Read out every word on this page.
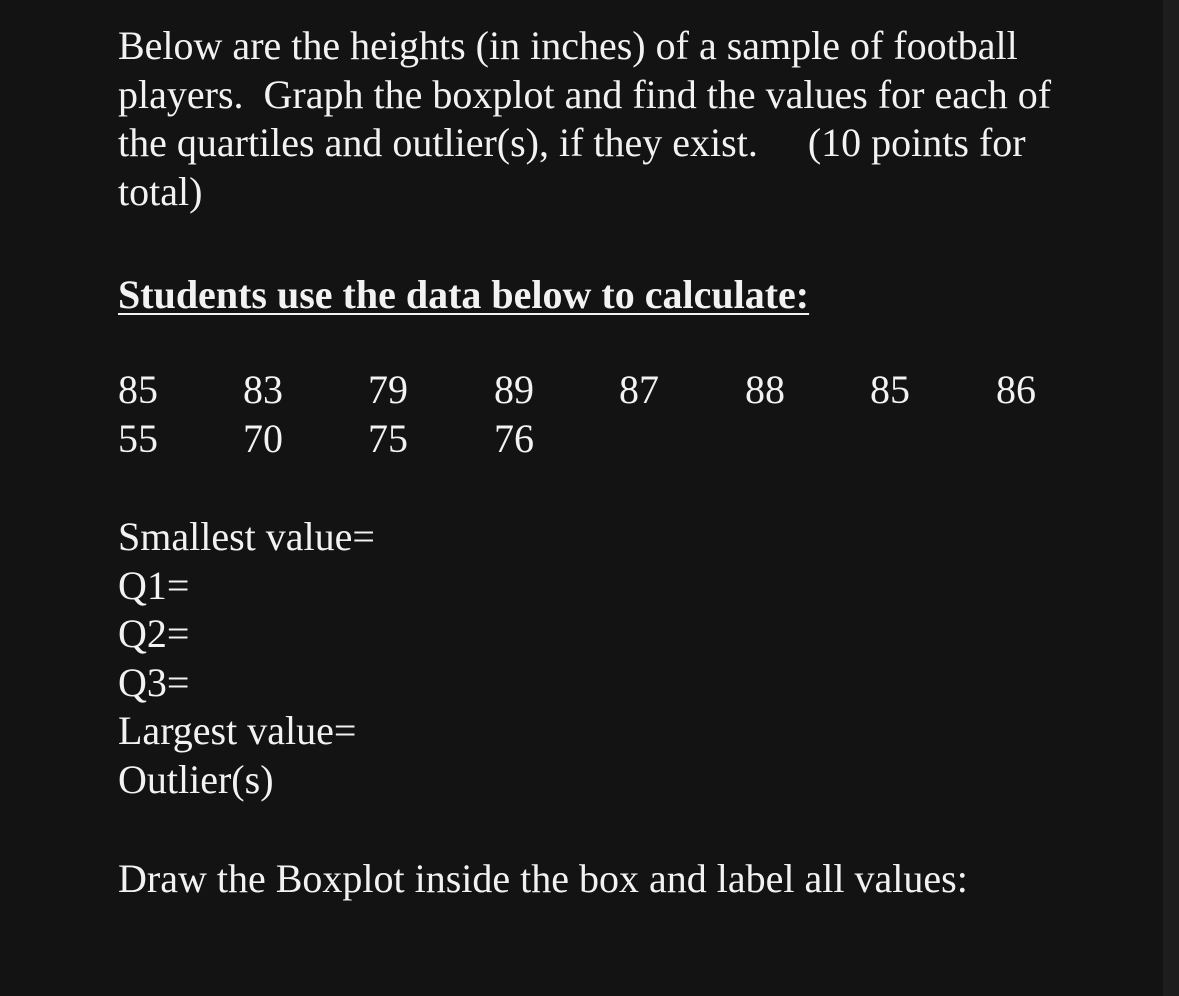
Below are the heights (in inches) of a sample of football
players.  Graph the boxplot and find the values for each of
the quartiles and outlier(s), if they exist.     (10 points for
total)

Students use the data below to calculate:
85 83 79 89 87 88 85 86
55 70 75 76
Smallest value=
Q1=
Q2=
Q3=
Largest value=
Outlier(s)
Draw the Boxplot inside the box and label all values:
